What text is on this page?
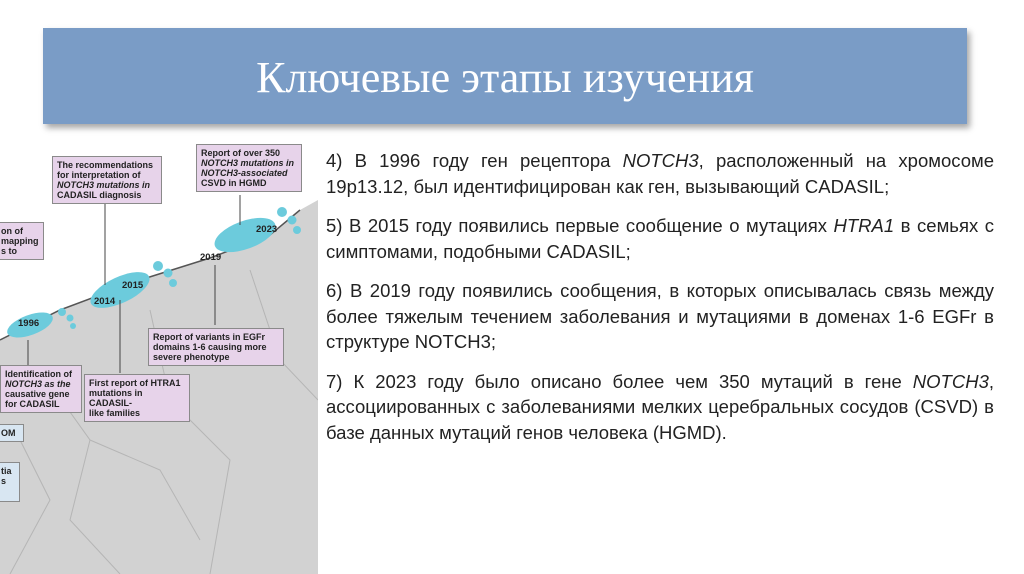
Ключевые этапы изучения
The recommendations
for interpretation of
NOTCH3 mutations in
CADASIL diagnosis
Report of over 350
NOTCH3 mutations in
NOTCH3-associated
CSVD in HGMD
on of
mapping
s to
Identification of
NOTCH3 as the
causative gene
for CADASIL
First report of HTRA1
mutations in CADASIL-
like families
Report of variants in EGFr
domains 1-6 causing more
severe phenotype
OM
tia
s
1996
2014
2015
2019
2023

4) В 1996 году ген рецептора NOTCH3, расположенный на хромосоме 19p13.12, был идентифицирован как ген, вызывающий CADASIL;

5) В 2015 году появились первые сообщение о мутациях HTRA1 в семьях с симптомами, подобными CADASIL;

6) В 2019 году появились сообщения, в которых описывалась связь между более тяжелым течением заболевания и мутациями в доменах 1-6 EGFr в структуре NOTCH3;

7) К 2023 году было описано более чем 350 мутаций в гене NOTCH3, ассоциированных с заболеваниями мелких церебральных сосудов (CSVD) в базе данных мутаций генов человека (HGMD).
